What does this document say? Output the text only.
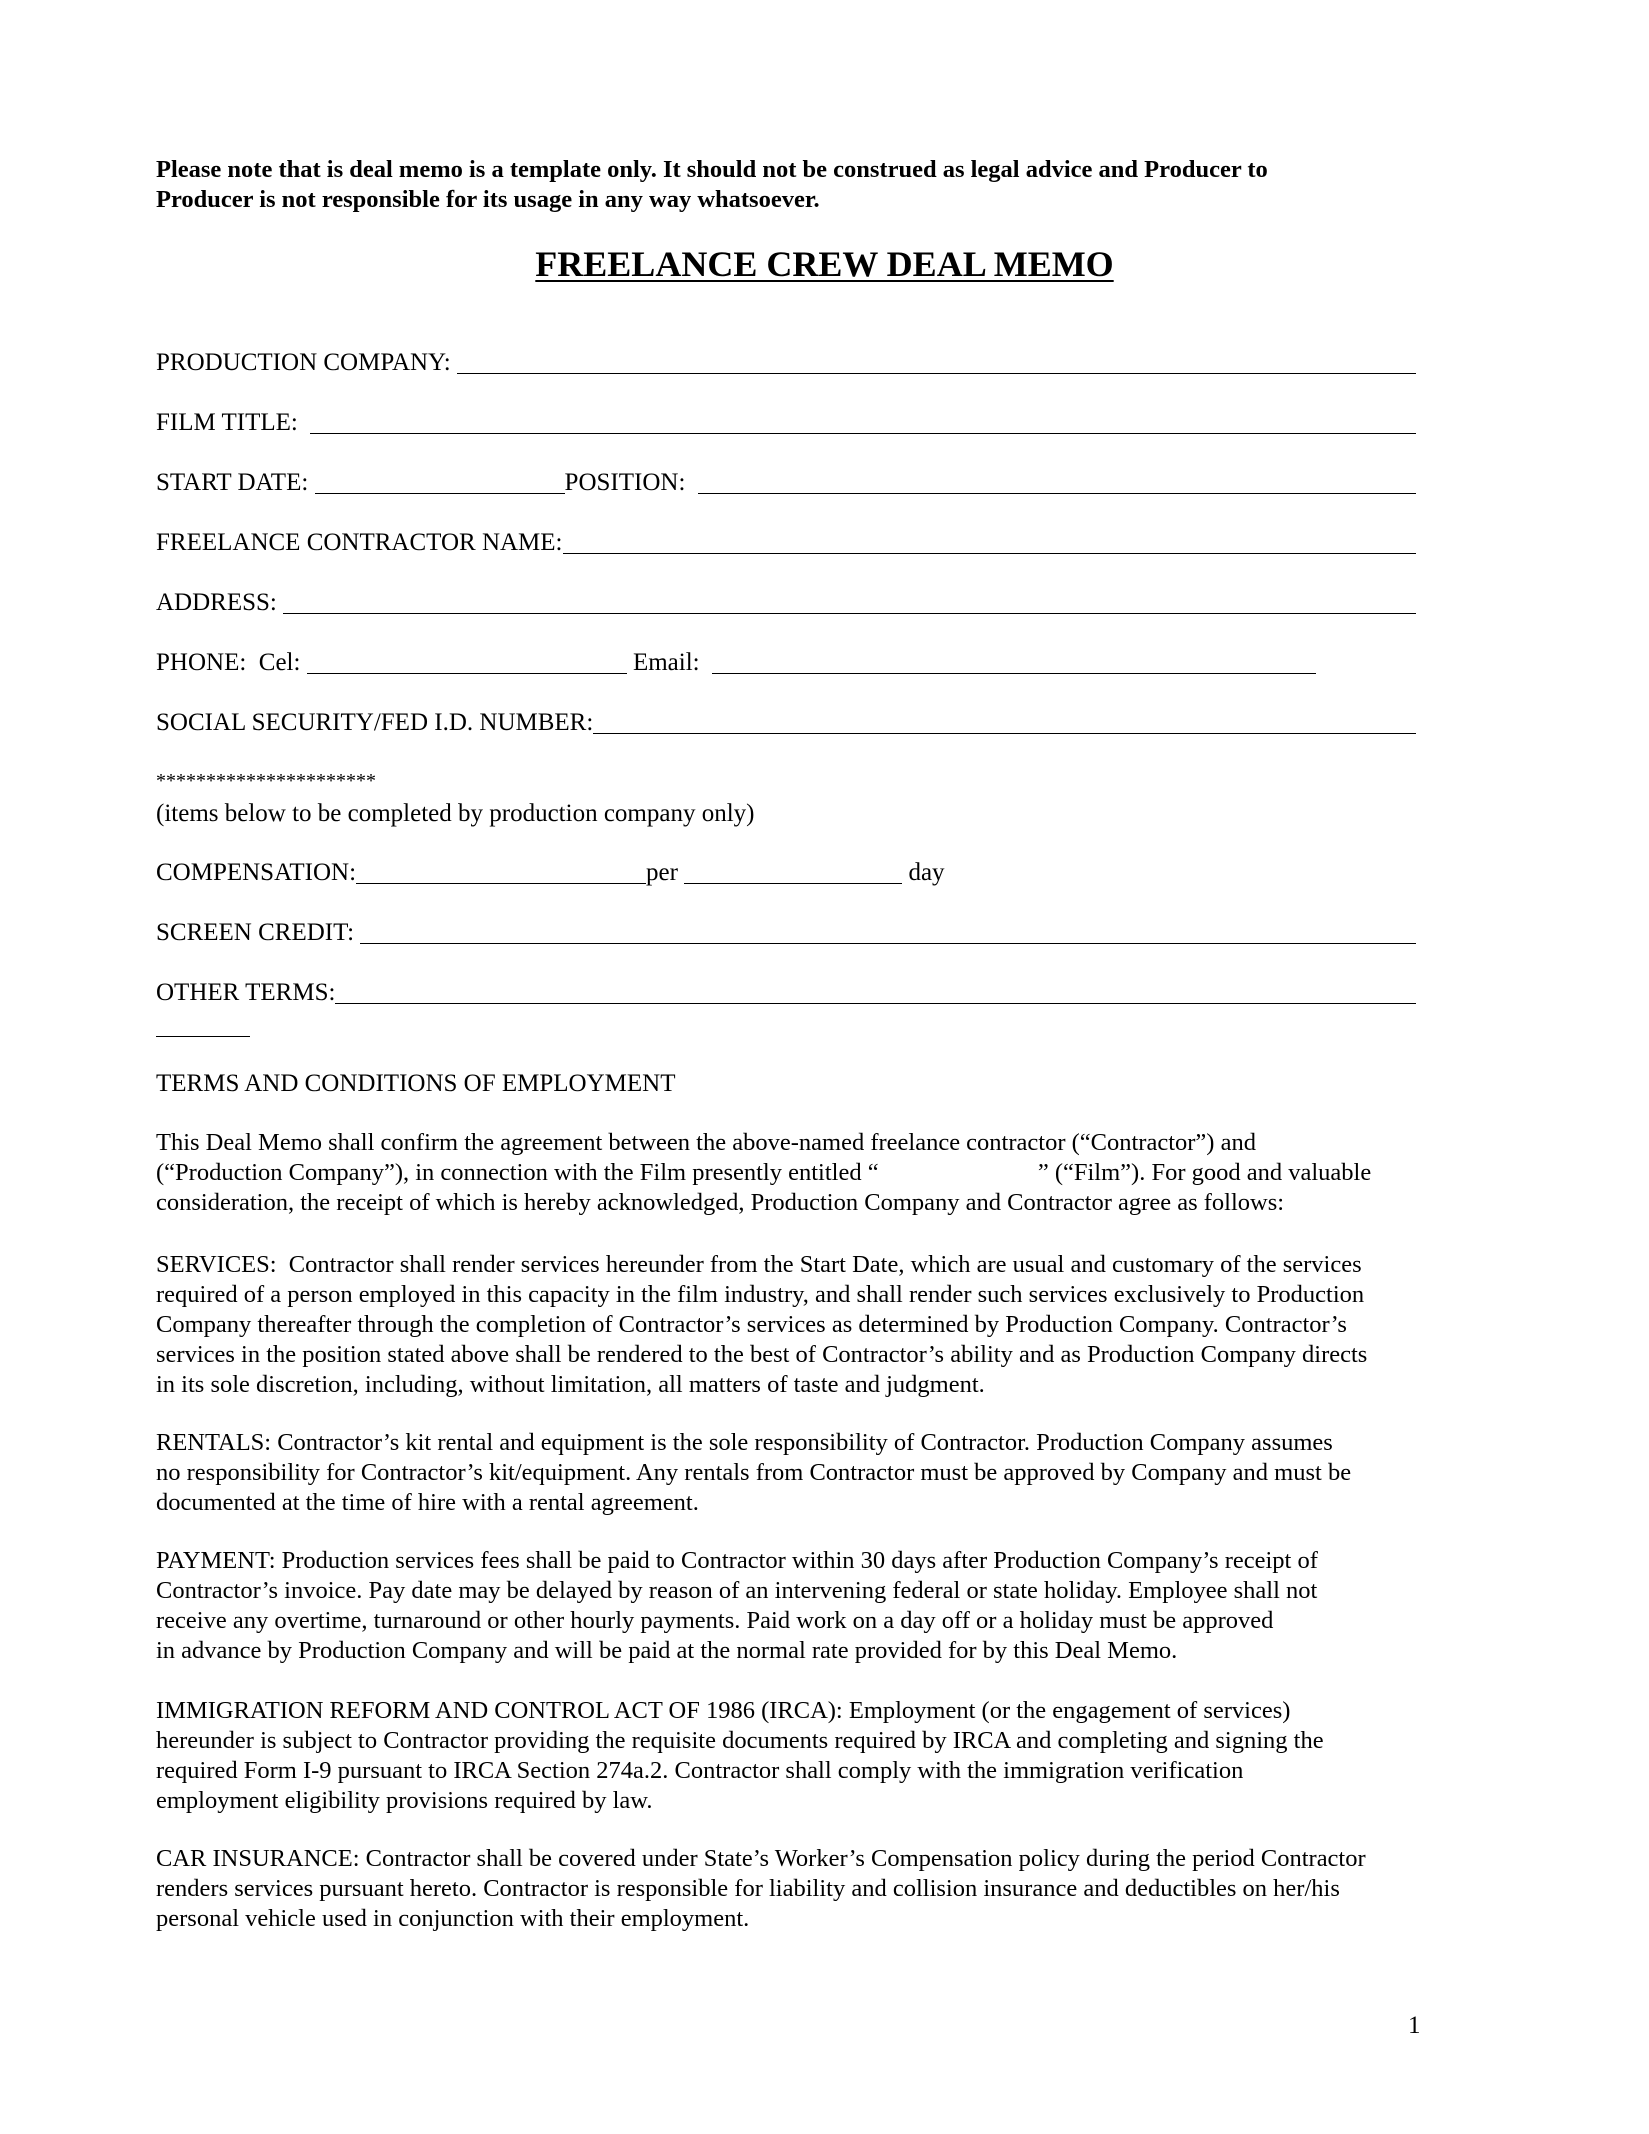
Please note that is deal memo is a template only. It should not be construed as legal advice and Producer to
Producer is not responsible for its usage in any way whatsoever.
FREELANCE CREW DEAL MEMO
PRODUCTION COMPANY:
FILM TITLE:
START DATE:	POSITION:
FREELANCE CONTRACTOR NAME:
ADDRESS:
PHONE:  Cel:	Email:
SOCIAL SECURITY/FED I.D. NUMBER:
**********************
(items below to be completed by production company only)
COMPENSATION:	per	day
SCREEN CREDIT:
OTHER TERMS:
TERMS AND CONDITIONS OF EMPLOYMENT
This Deal Memo shall confirm the agreement between the above-named freelance contractor (“Contractor”) and
(“Production Company”), in connection with the Film presently entitled “                          ” (“Film”). For good and valuable
consideration, the receipt of which is hereby acknowledged, Production Company and Contractor agree as follows:
SERVICES:  Contractor shall render services hereunder from the Start Date, which are usual and customary of the services
required of a person employed in this capacity in the film industry, and shall render such services exclusively to Production
Company thereafter through the completion of Contractor’s services as determined by Production Company. Contractor’s
services in the position stated above shall be rendered to the best of Contractor’s ability and as Production Company directs
in its sole discretion, including, without limitation, all matters of taste and judgment.
RENTALS: Contractor’s kit rental and equipment is the sole responsibility of Contractor. Production Company assumes
no responsibility for Contractor’s kit/equipment. Any rentals from Contractor must be approved by Company and must be
documented at the time of hire with a rental agreement.
PAYMENT: Production services fees shall be paid to Contractor within 30 days after Production Company’s receipt of
Contractor’s invoice. Pay date may be delayed by reason of an intervening federal or state holiday. Employee shall not
receive any overtime, turnaround or other hourly payments. Paid work on a day off or a holiday must be approved
in advance by Production Company and will be paid at the normal rate provided for by this Deal Memo.
IMMIGRATION REFORM AND CONTROL ACT OF 1986 (IRCA): Employment (or the engagement of services)
hereunder is subject to Contractor providing the requisite documents required by IRCA and completing and signing the
required Form I-9 pursuant to IRCA Section 274a.2. Contractor shall comply with the immigration verification
employment eligibility provisions required by law.
CAR INSURANCE: Contractor shall be covered under State’s Worker’s Compensation policy during the period Contractor
renders services pursuant hereto. Contractor is responsible for liability and collision insurance and deductibles on her/his
personal vehicle used in conjunction with their employment.
1
